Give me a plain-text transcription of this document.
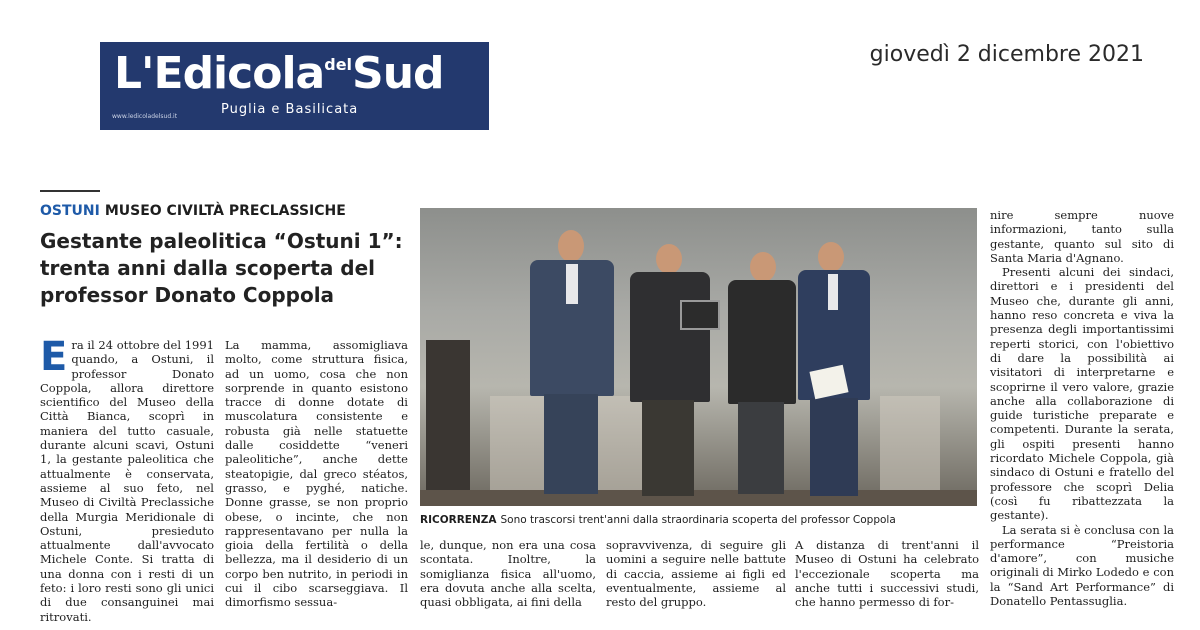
L'Edicola$^{del}$Sud
Puglia e Basilicata
www.ledicoladelsud.it
giovedì 2 dicembre 2021
OSTUNI MUSEO CIVILTÀ PRECLASSICHE
Gestante paleolitica “Ostuni 1”: trenta anni dalla scoperta del professor Donato Coppola
Era il 24 ottobre del 1991 quando, a Ostuni, il professor Donato Coppola, allora direttore scientifico del Museo della Città Bianca, scoprì in maniera del tutto casuale, durante alcuni scavi, Ostuni 1, la gestante paleolitica che attualmente è conservata, assieme al suo feto, nel Museo di Civiltà Preclassiche della Murgia Meridionale di Ostuni, presieduto attualmente dall'avvocato Michele Conte. Si tratta di una donna con i resti di un feto: i loro resti sono gli unici di due consanguinei mai ritrovati.
La mamma, assomigliava molto, come struttura fisica, ad un uomo, cosa che non sorprende in quanto esistono tracce di donne dotate di muscolatura consistente e robusta già nelle statuette dalle cosiddette “veneri paleolitiche”, anche dette steatopigie, dal greco stéatos, grasso, e pyghé, natiche. Donne grasse, se non proprio obese, o incinte, che non rappresentavano per nulla la gioia della fertilità o della bellezza, ma il desiderio di un corpo ben nutrito, in periodi in cui il cibo scarseggiava. Il dimorfismo sessua-
RICORRENZA Sono trascorsi trent'anni dalla straordinaria scoperta del professor Coppola
le, dunque, non era una cosa scontata. Inoltre, la somiglianza fisica all'uomo, era dovuta anche alla scelta, quasi obbligata, ai fini della
sopravvivenza, di seguire gli uomini a seguire nelle battute di caccia, assieme ai figli ed eventualmente, assieme al resto del gruppo.
A distanza di trent'anni il Museo di Ostuni ha celebrato l'eccezionale scoperta ma anche tutti i successivi studi, che hanno permesso di for-

nire sempre nuove informazioni, tanto sulla gestante, quanto sul sito di Santa Maria d'Agnano.

Presenti alcuni dei sindaci, direttori e i presidenti del Museo che, durante gli anni, hanno reso concreta e viva la presenza degli importantissimi reperti storici, con l'obiettivo di dare la possibilità ai visitatori di interpretarne e scoprirne il vero valore, grazie anche alla collaborazione di guide turistiche preparate e competenti. Durante la serata, gli ospiti presenti hanno ricordato Michele Coppola, già sindaco di Ostuni e fratello del professore che scoprì Delia (così fu ribattezzata la gestante).

La serata si è conclusa con la performance “Preistoria d'amore”, con musiche originali di Mirko Lodedo e con la “Sand Art Performance” di Donatello Pentassuglia.
